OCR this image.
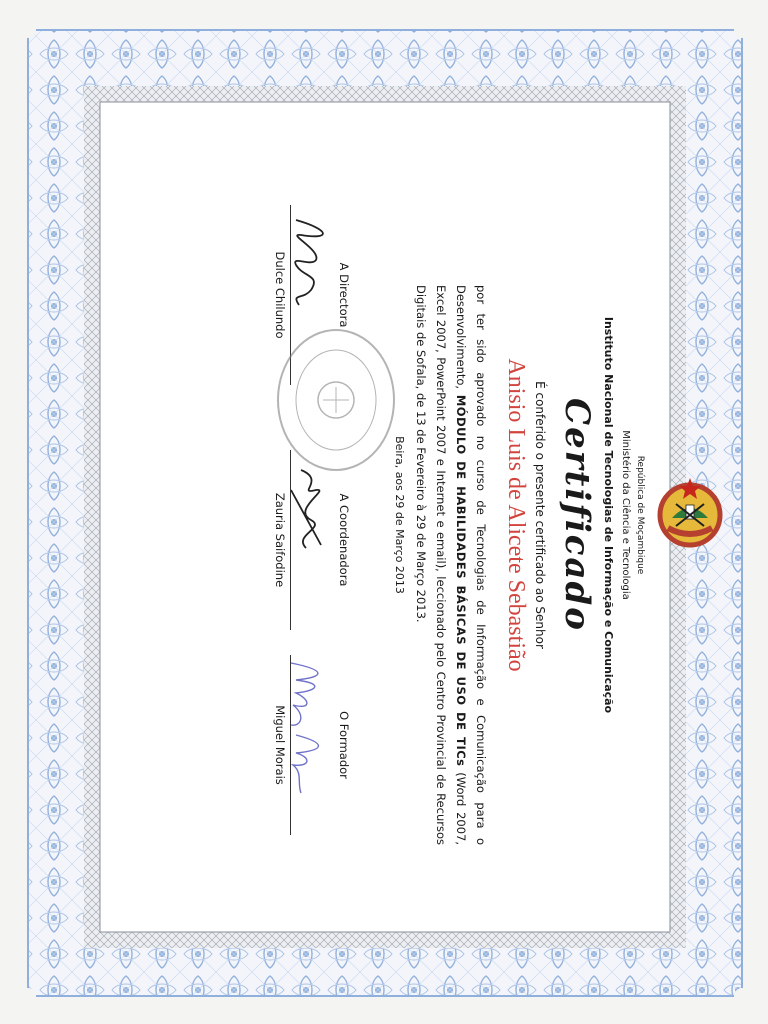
República de Moçambique
Ministério da Ciência e Tecnologia
Instituto Nacional de Tecnologias de Informação e Comunicação
Certificado
É conferido o presente certificado ao Senhor
Anisio Luis de Alicete Sebastião
por ter sido aprovado no curso de Tecnologias de Informação e Comunicação para o Desenvolvimento, MÓDULO DE HABILIDADES BÁSICAS DE USO DE TICs (Word 2007, Excel 2007, PowerPoint 2007 e Internet e email), leccionado pelo Centro Provincial de Recursos Digitais de Sofala, de 13 de Fevereiro à 29 de Março 2013.
Beira, aos 29 de Março 2013
A Directora
Dulce Chilundo
A Coordenadora
Zauria Saifodine
O Formador
Miguel Morais
